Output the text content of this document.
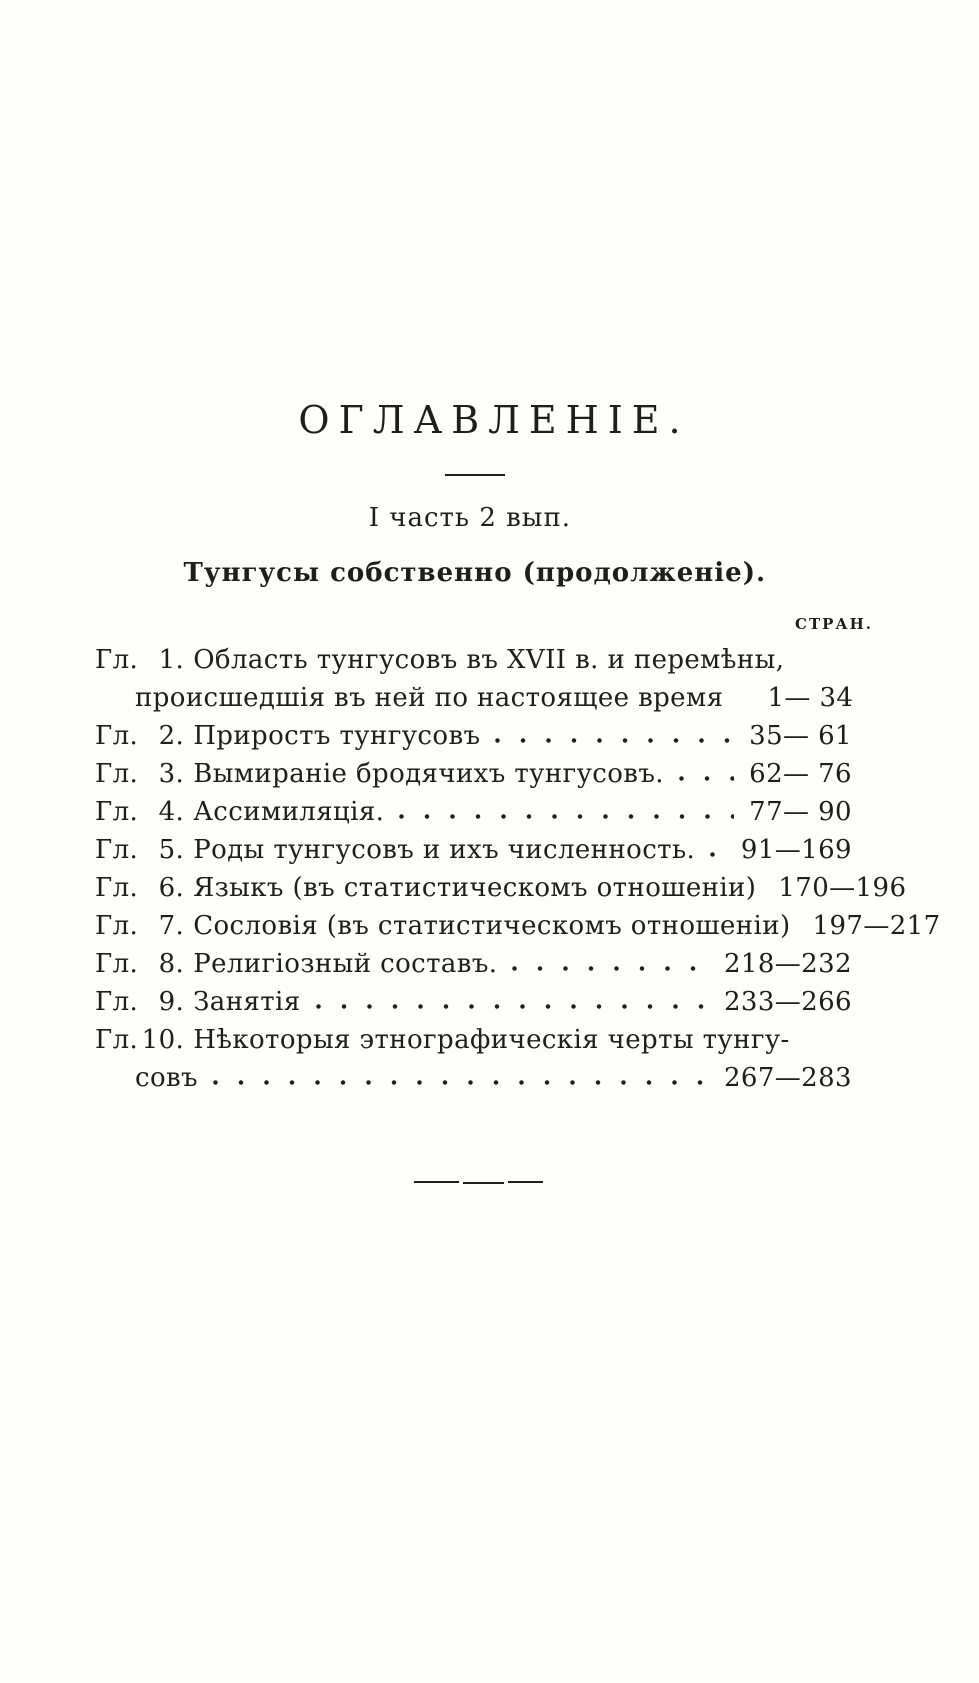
ОГЛАВЛЕНІЕ.
I часть 2 вып.
Тунгусы собственно (продолженіе).
СТРАН.
Гл. 1. Область тунгусовъ въ XVII в. и перемѣны,
происшедшія въ ней по настоящее время	1— 34
Гл. 2. Приростъ тунгусовъ	35— 61
Гл. 3. Вымираніе бродячихъ тунгусовъ.	62— 76
Гл. 4. Ассимиляція.	77— 90
Гл. 5. Роды тунгусовъ и ихъ численность. 91—169
Гл. 6. Языкъ (въ статистическомъ отношеніи) 170—196
Гл. 7. Сословія (въ статистическомъ отношеніи) 197—217
Гл. 8. Религіозный составъ.	218—232
Гл. 9. Занятія	233—266
Гл. 10. Нѣкоторыя этнографическія черты тунгу-
совъ	267—283
